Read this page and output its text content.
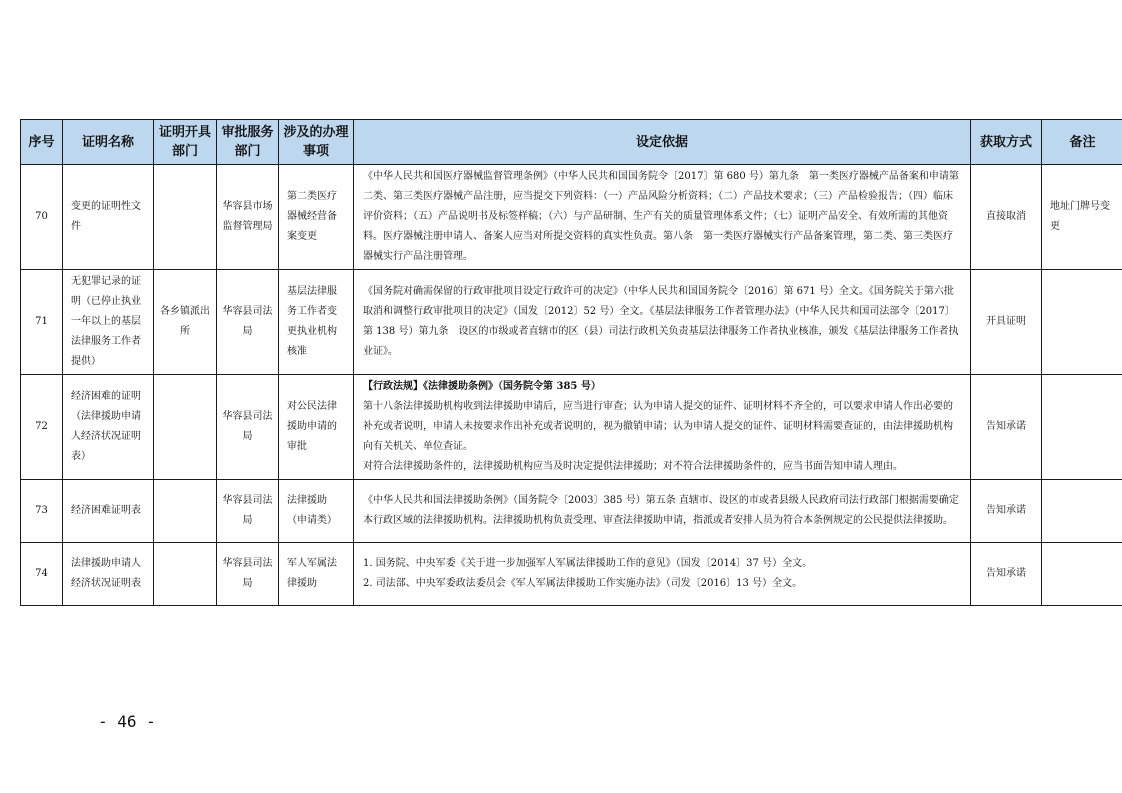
序号	证明名称	证明开具部门	审批服务部门	涉及的办理事项	设定依据	获取方式	备注
70	变更的证明性文件		华容县市场监督管理局	第二类医疗器械经营备案变更	《中华人民共和国医疗器械监督管理条例》（中华人民共和国国务院令〔2017〕第 680 号）第九条　第一类医疗器械产品备案和申请第二类、第三类医疗器械产品注册，应当提交下列资料：（一）产品风险分析资料；（二）产品技术要求；（三）产品检验报告；（四）临床评价资料；（五）产品说明书及标签样稿；（六）与产品研制、生产有关的质量管理体系文件；（七）证明产品安全、有效所需的其他资料。医疗器械注册申请人、备案人应当对所提交资料的真实性负责。第八条　第一类医疗器械实行产品备案管理，第二类、第三类医疗器械实行产品注册管理。	直接取消	地址门牌号变更
71	无犯罪记录的证明（已停止执业一年以上的基层法律服务工作者提供）	各乡镇派出所	华容县司法局	基层法律服务工作者变更执业机构核准	《国务院对确需保留的行政审批项目设定行政许可的决定》（中华人民共和国国务院令〔2016〕第 671 号）全文。《国务院关于第六批取消和调整行政审批项目的决定》（国发〔2012〕52 号）全文。《基层法律服务工作者管理办法》（中华人民共和国司法部令〔2017〕第 138 号）第九条　设区的市级或者直辖市的区（县）司法行政机关负责基层法律服务工作者执业核准，颁发《基层法律服务工作者执业证》。	开具证明	
72	经济困难的证明（法律援助申请人经济状况证明表）		华容县司法局	对公民法律援助申请的审批	【行政法规】《法律援助条例》（国务院令第 385 号）
第十八条法律援助机构收到法律援助申请后，应当进行审查；认为申请人提交的证件、证明材料不齐全的，可以要求申请人作出必要的补充或者说明，申请人未按要求作出补充或者说明的，视为撤销申请；认为申请人提交的证件、证明材料需要查证的，由法律援助机构向有关机关、单位查证。
对符合法律援助条件的，法律援助机构应当及时决定提供法律援助；对不符合法律援助条件的，应当书面告知申请人理由。	告知承诺	
73	经济困难证明表		华容县司法局	法律援助（申请类）	《中华人民共和国法律援助条例》（国务院令〔2003〕385 号）第五条 直辖市、设区的市或者县级人民政府司法行政部门根据需要确定本行政区域的法律援助机构。法律援助机构负责受理、审查法律援助申请，指派或者安排人员为符合本条例规定的公民提供法律援助。	告知承诺	
74	法律援助申请人经济状况证明表		华容县司法局	军人军属法律援助	1. 国务院、中央军委《关于进一步加强军人军属法律援助工作的意见》（国发〔2014〕37 号）全文。
2. 司法部、中央军委政法委员会《军人军属法律援助工作实施办法》（司发〔2016〕13 号）全文。	告知承诺	
- 46 -
